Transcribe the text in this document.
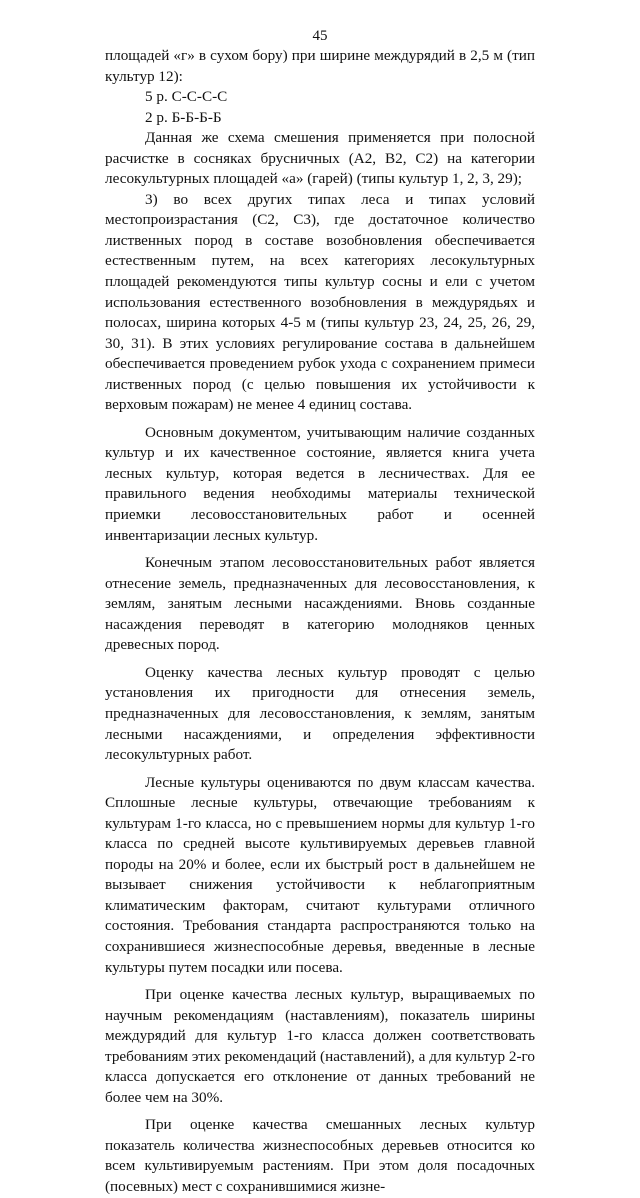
45

площадей «г» в сухом бору) при ширине междурядий в 2,5 м (тип культур 12):

5 р. С-С-С-С

2 р. Б-Б-Б-Б

Данная же схема смешения применяется при полосной расчистке в сосняках брусничных (А2, В2, С2) на категории лесокультурных площадей «а» (гарей) (типы культур 1, 2, 3, 29);

3) во всех других типах леса и типах условий местопроизрастания (С2, С3), где достаточное количество лиственных пород в составе возобновления обеспечивается естественным путем, на всех категориях лесокультурных площадей рекомендуются типы культур сосны и ели с учетом использования естественного возобновления в междурядьях и полосах, ширина которых 4-5 м (типы культур 23, 24, 25, 26, 29, 30, 31). В этих условиях регулирование состава в дальнейшем обеспечивается проведением рубок ухода с сохранением примеси лиственных пород (с целью повышения их устойчивости к верховым пожарам) не менее 4 единиц состава.

Основным документом, учитывающим наличие созданных культур и их качественное состояние, является книга учета лесных культур, которая ведется в лесничествах. Для ее правильного ведения необходимы материалы технической приемки лесовосстановительных работ и осенней инвентаризации лесных культур.

Конечным этапом лесовосстановительных работ является отнесение земель, предназначенных для лесовосстановления, к землям, занятым лесными насаждениями. Вновь созданные насаждения переводят в категорию молодняков ценных древесных пород.

Оценку качества лесных культур проводят с целью установления их пригодности для отнесения земель, предназначенных для лесовосстановления, к землям, занятым лесными насаждениями, и определения эффективности лесокультурных работ.

Лесные культуры оцениваются по двум классам качества. Сплошные лесные культуры, отвечающие требованиям к культурам 1-го класса, но с превышением нормы для культур 1-го класса по средней высоте культивируемых деревьев главной породы на 20% и более, если их быстрый рост в дальнейшем не вызывает снижения устойчивости к неблагоприятным климатическим факторам, считают культурами отличного состояния. Требования стандарта распространяются только на сохранившиеся жизнеспособные деревья, введенные в лесные культуры путем посадки или посева.

При оценке качества лесных культур, выращиваемых по научным рекомендациям (наставлениям), показатель ширины междурядий для культур 1-го класса должен соответствовать требованиям этих рекомендаций (наставлений), а для культур 2-го класса допускается его отклонение от данных требований не более чем на 30%.

При оценке качества смешанных лесных культур показатель количества жизнеспособных деревьев относится ко всем культивируемым растениям. При этом доля посадочных (посевных) мест с сохранившимися жизне-
